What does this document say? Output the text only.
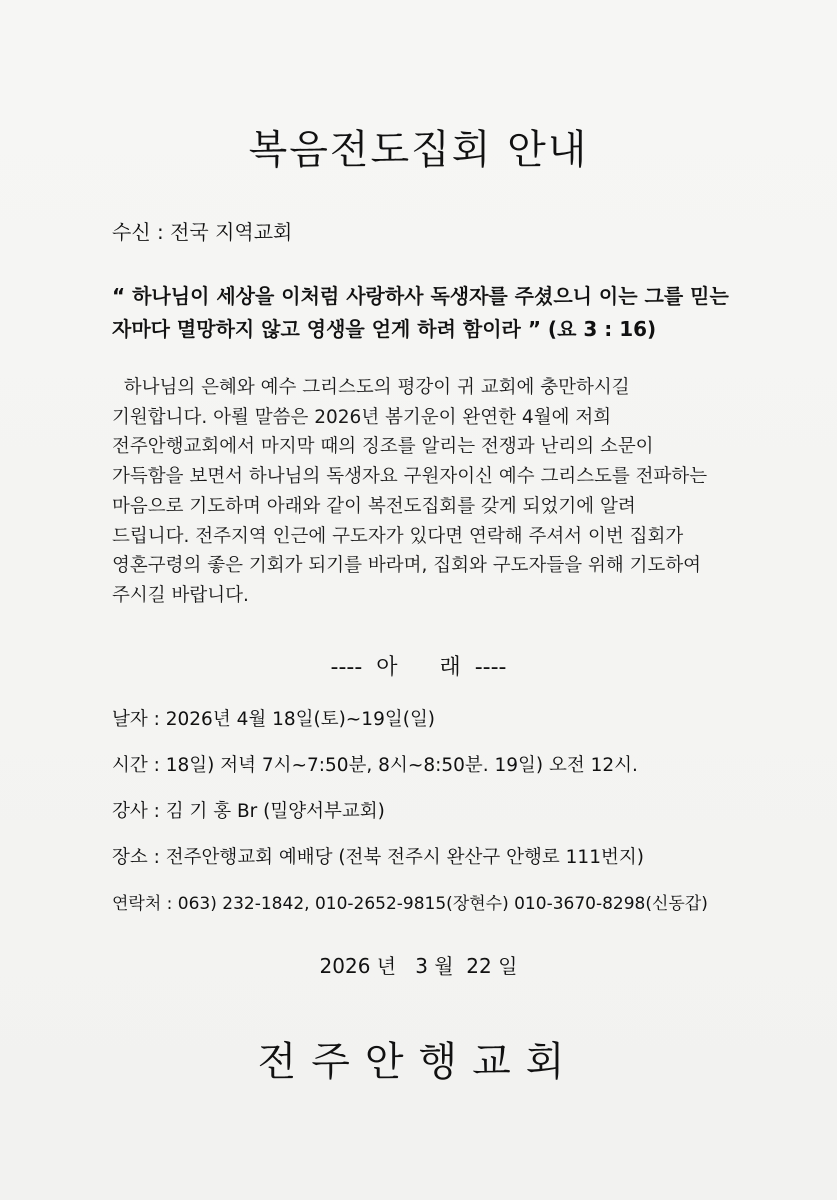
복음전도집회 안내
수신 : 전국 지역교회
“ 하나님이 세상을 이처럼 사랑하사 독생자를 주셨으니 이는 그를 믿는
자마다 멸망하지 않고 영생을 얻게 하려 함이라 ” (요 3 : 16)
하나님의 은혜와 예수 그리스도의 평강이 귀 교회에 충만하시길
기원합니다. 아뢸 말씀은 2026년 봄기운이 완연한 4월에 저희
전주안행교회에서 마지막 때의 징조를 알리는 전쟁과 난리의 소문이
가득함을 보면서 하나님의 독생자요 구원자이신 예수 그리스도를 전파하는
마음으로 기도하며 아래와 같이 복전도집회를 갖게 되었기에 알려
드립니다. 전주지역 인근에 구도자가 있다면 연락해 주셔서 이번 집회가
영혼구령의 좋은 기회가 되기를 바라며, 집회와 구도자들을 위해 기도하여
주시길 바랍니다.
----  아      래  ----
날자 : 2026년 4월 18일(토)~19일(일)
시간 : 18일) 저녁 7시~7:50분, 8시~8:50분. 19일) 오전 12시.
강사 : 김 기 홍 Br (밀양서부교회)
장소 : 전주안행교회 예배당 (전북 전주시 완산구 안행로 111번지)
연락처 : 063) 232-1842, 010-2652-9815(장현수) 010-3670-8298(신동갑)
2026 년   3 월  22 일
전주안행교회
